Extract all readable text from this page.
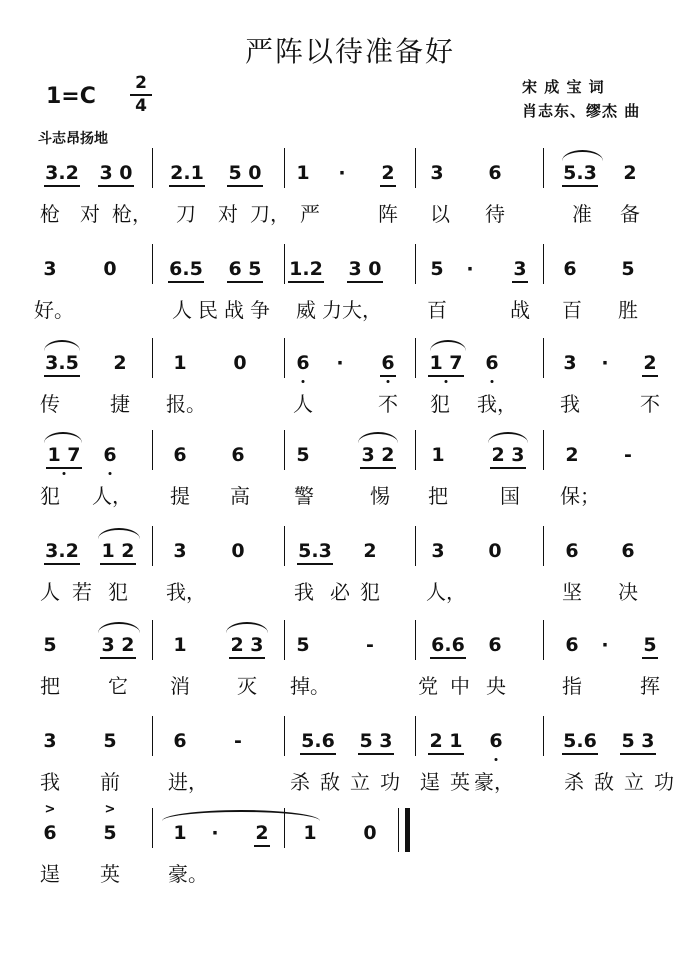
严阵以待准备好
1=C
2
4
宋 成 宝 词
肖志东、缪杰 曲
斗志昂扬地
3.2 3 0 2.1 5 0 1 · 2 3 6	5.3 2
枪 对 枪， 刀 对 刀， 严	阵 以 待	准 备
3 0	6.5 6 5 1.2 3 0	5 · 3 6 5
好。	人 民 战 争 威 力 大， 百	战 百 胜
3.5 2 1 0	6 · 6 1 7 6	3 · 2
传	捷 报。	人	不 犯 我， 我	不
1 7 6	6 6	5	3 2 1 2 3 2 -
犯 人， 提 高 警	惕 把	国 保；
3.2 1 2 3 0	5.3 2	3 0	6 6
人 若 犯 我，	我 必 犯 人，	坚 决
5 3 2 1 2 3 5	-	6.6 6	6 · 5
把 它 消 灭 掉。	党 中 央	指	挥
3 5	6 -	5.6 5 3 2 1 6	5.6 5 3
我 前 进，	杀 敌 立 功 逞 英 豪，	杀 敌 立 功
6
>
5
>
1 · 2 1 0
逞 英 豪。
